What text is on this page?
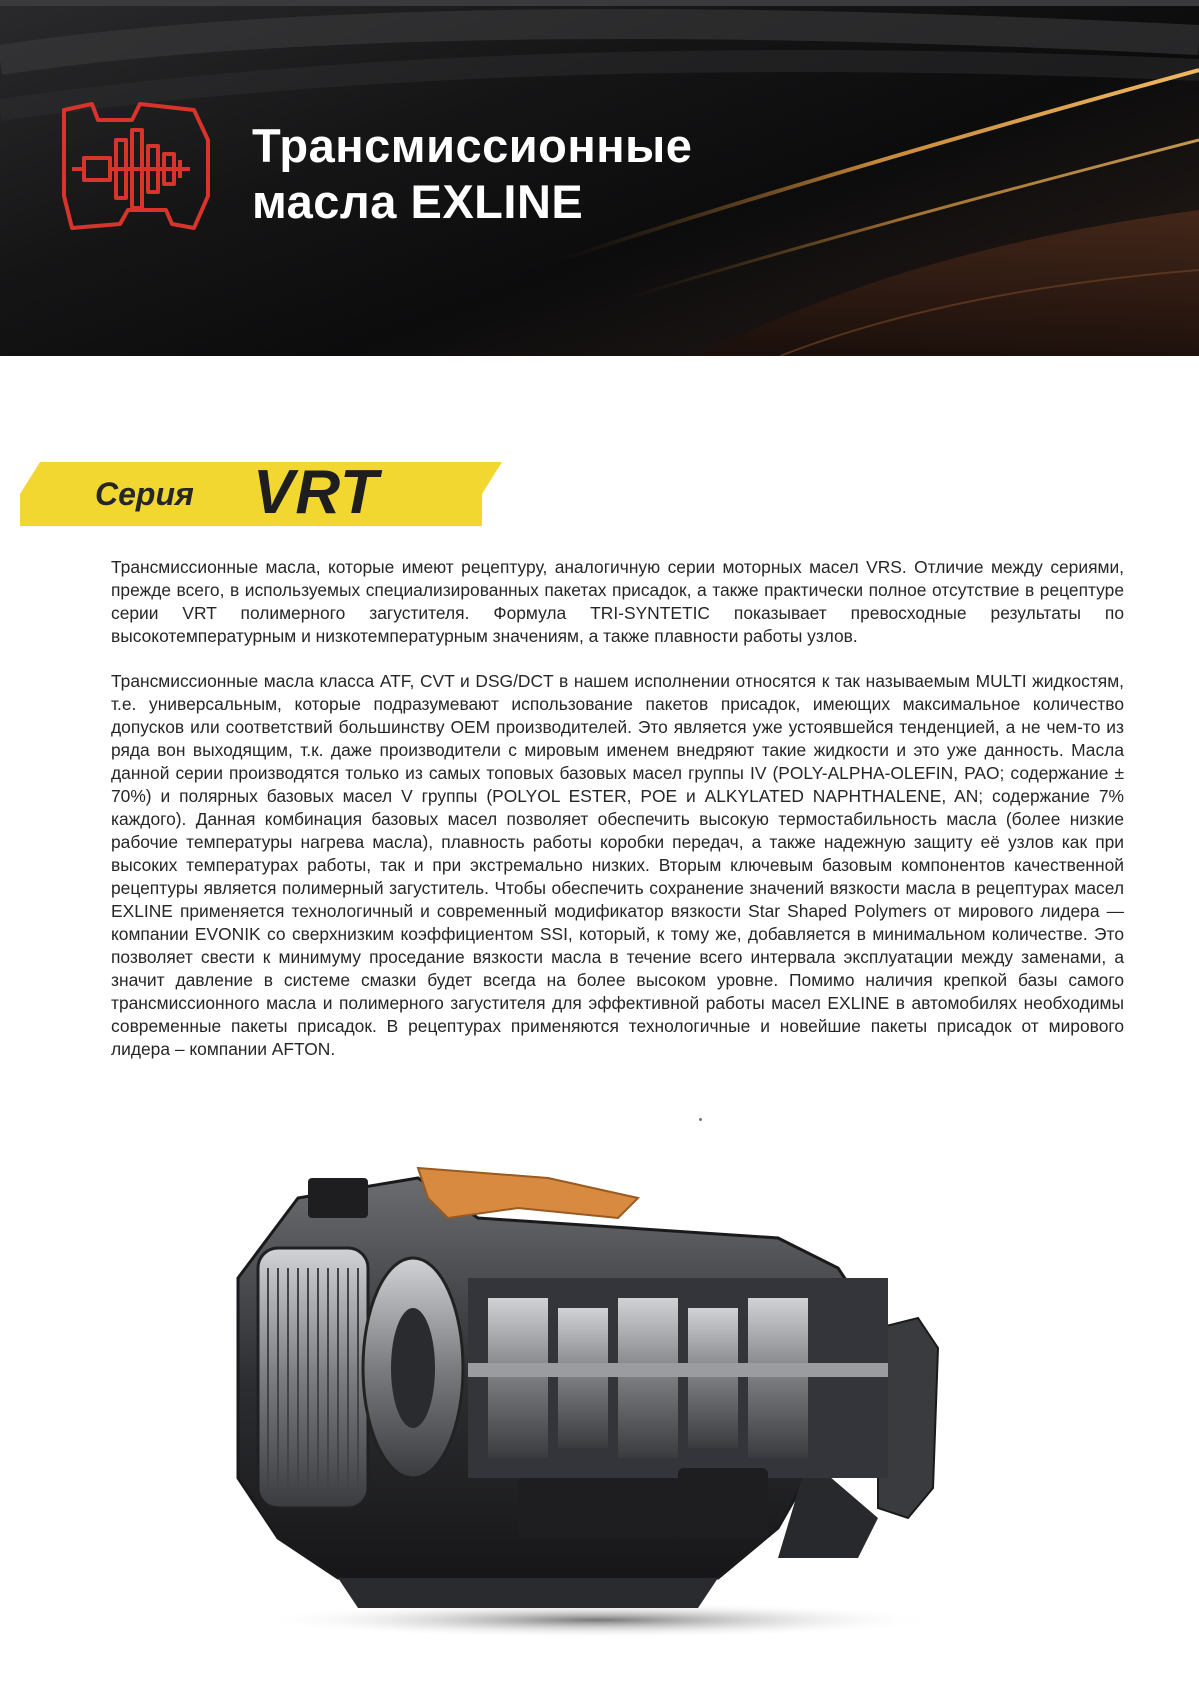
Трансмиссионные
масла EXLINE
Серия VRT

Трансмиссионные масла, которые имеют рецептуру, аналогичную серии моторных масел VRS. Отличие между сериями, прежде всего, в используемых специализированных пакетах присадок, а также практически полное отсутствие в рецептуре серии VRT полимерного загустителя. Формула TRI-SYNTETIC показывает превосходные результаты по высокотемпературным и низкотемпературным значениям, а также плавности работы узлов.

Трансмиссионные масла класса ATF, CVT и DSG/DCT в нашем исполнении относятся к так называемым MULTI жидкостям, т.е. универсальным, которые подразумевают использование пакетов присадок, имеющих максимальное количество допусков или соответствий большинству OEM производителей. Это является уже устоявшейся тенденцией, а не чем-то из ряда вон выходящим, т.к. даже производители с мировым именем внедряют такие жидкости и это уже данность. Масла данной серии производятся только из самых топовых базовых масел группы IV (POLY-ALPHA-OLEFIN, PAO; содержание ± 70%) и полярных базовых масел V группы (POLYOL ESTER, POE и ALKYLATED NAPHTHALENE, AN; содержание 7% каждого). Данная комбинация базовых масел позволяет обеспечить высокую термостабильность масла (более низкие рабочие температуры нагрева масла), плавность работы коробки передач, а также надежную защиту её узлов как при высоких температурах работы, так и при экстремально низких. Вторым ключевым базовым компонентов качественной рецептуры является полимерный загуститель. Чтобы обеспечить сохранение значений вязкости масла в рецептурах масел EXLINE применяется технологичный и современный модификатор вязкости Star Shaped Polymers от мирового лидера — компании EVONIK со сверхнизким коэффициентом SSI, который, к тому же, добавляется в минимальном количестве. Это позволяет свести к минимуму проседание вязкости масла в течение всего интервала эксплуатации между заменами, а значит давление в системе смазки будет всегда на более высоком уровне. Помимо наличия крепкой базы самого трансмиссионного масла и полимерного загустителя для эффективной работы масел EXLINE в автомобилях необходимы современные пакеты присадок. В рецептурах применяются технологичные и новейшие пакеты присадок от мирового лидера – компании AFTON.
